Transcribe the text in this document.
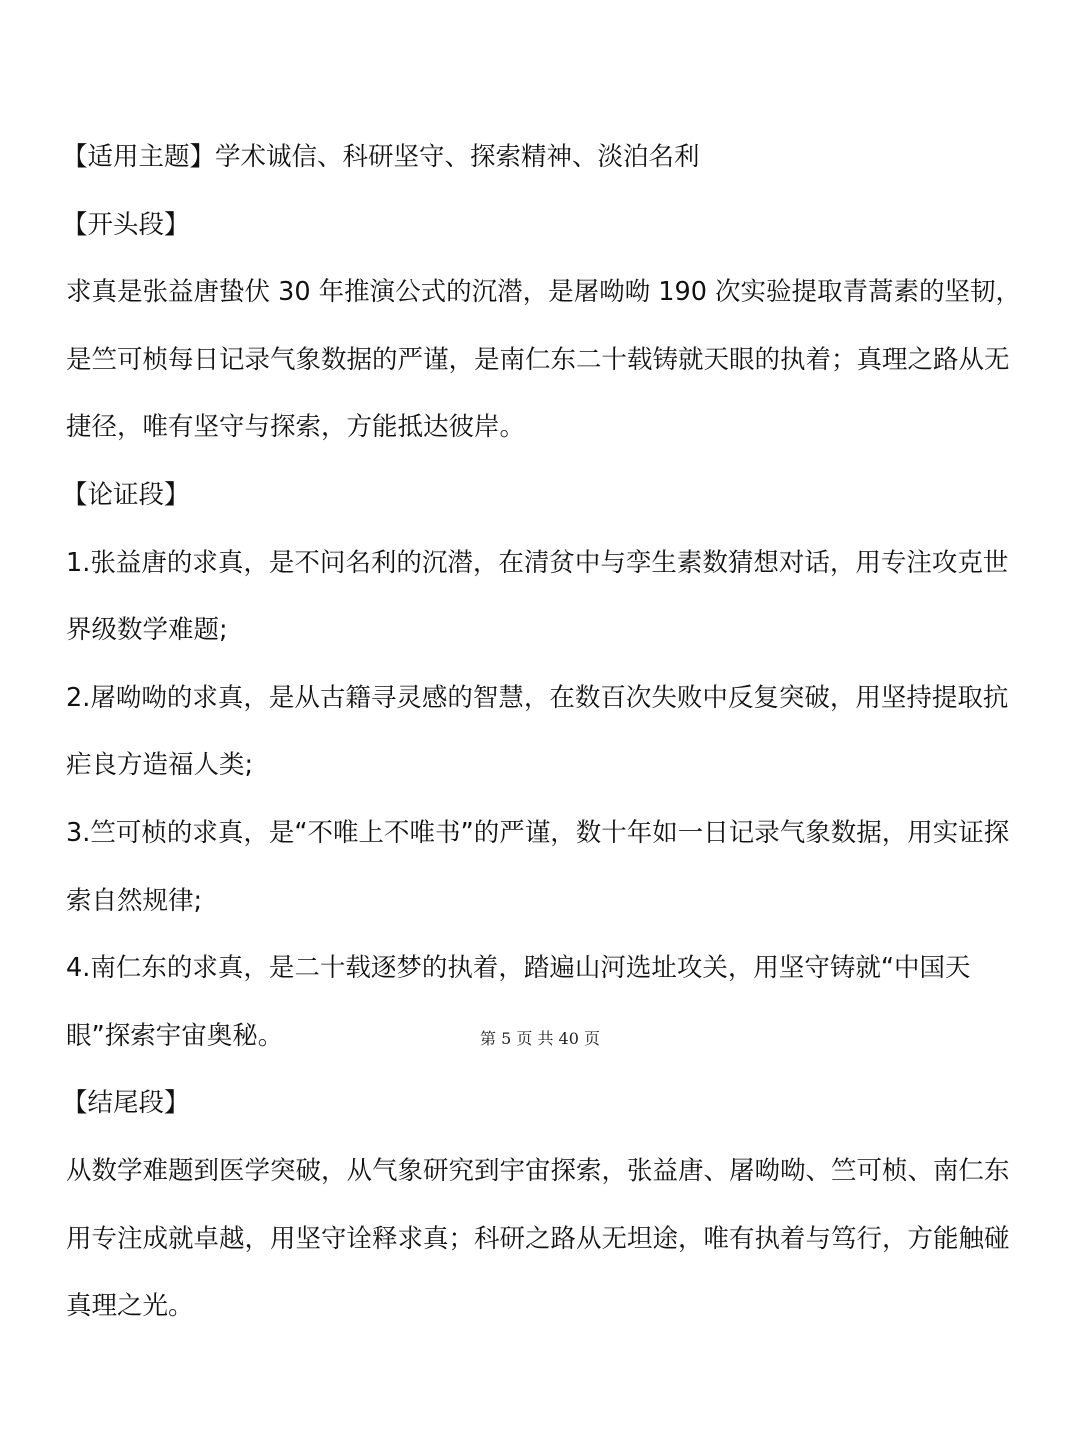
【适用主题】学术诚信、科研坚守、探索精神、淡泊名利

【开头段】

求真是张益唐蛰伏 30 年推演公式的沉潜，是屠呦呦 190 次实验提取青蒿素的坚韧，是竺可桢每日记录气象数据的严谨，是南仁东二十载铸就天眼的执着；真理之路从无捷径，唯有坚守与探索，方能抵达彼岸。

【论证段】

1.张益唐的求真，是不问名利的沉潜，在清贫中与孪生素数猜想对话，用专注攻克世界级数学难题;

2.屠呦呦的求真，是从古籍寻灵感的智慧，在数百次失败中反复突破，用坚持提取抗疟良方造福人类;

3.竺可桢的求真，是“不唯上不唯书”的严谨，数十年如一日记录气象数据，用实证探索自然规律;

4.南仁东的求真，是二十载逐梦的执着，踏遍山河选址攻关，用坚守铸就“中国天眼”探索宇宙奥秘。

【结尾段】

从数学难题到医学突破，从气象研究到宇宙探索，张益唐、屠呦呦、竺可桢、南仁东用专注成就卓越，用坚守诠释求真；科研之路从无坦途，唯有执着与笃行，方能触碰真理之光。

第 5 页 共 40 页
